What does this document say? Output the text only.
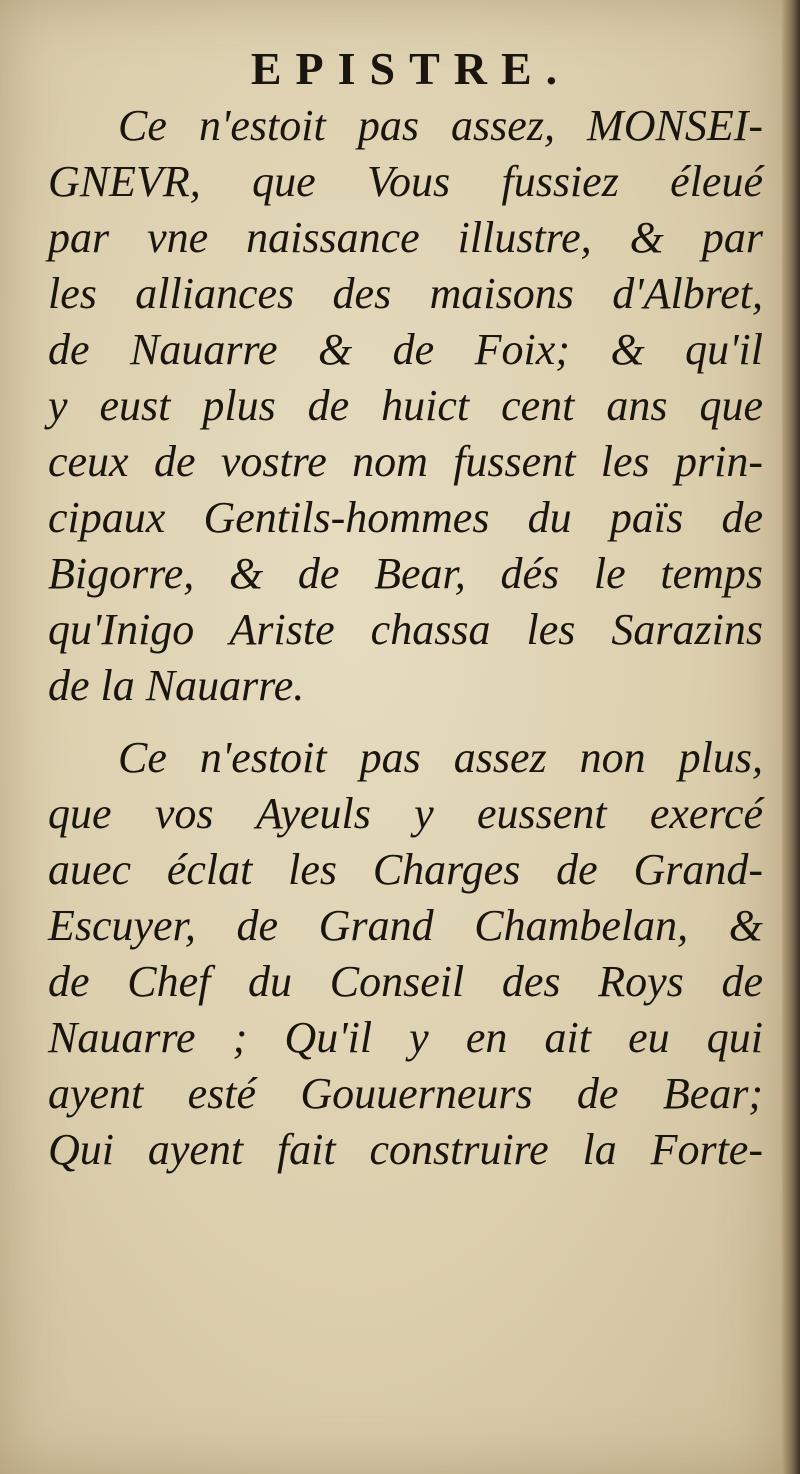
EPISTRE.
Ce n'estoit pas assez, MONSEI-
GNEVR, que Vous fussiez éleué
par vne naissance illustre, & par
les alliances des maisons d'Albret,
de Nauarre & de Foix; & qu'il
y eust plus de huict cent ans que
ceux de vostre nom fussent les prin-
cipaux Gentils-hommes du païs de
Bigorre, & de Bear, dés le temps
qu'Inigo Ariste chassa les Sarazins
de la Nauarre.
Ce n'estoit pas assez non plus,
que vos Ayeuls y eussent exercé
auec éclat les Charges de Grand-
Escuyer, de Grand Chambelan, &
de Chef du Conseil des Roys de
Nauarre ; Qu'il y en ait eu qui
ayent esté Gouuerneurs de Bear;
Qui ayent fait construire la Forte-
